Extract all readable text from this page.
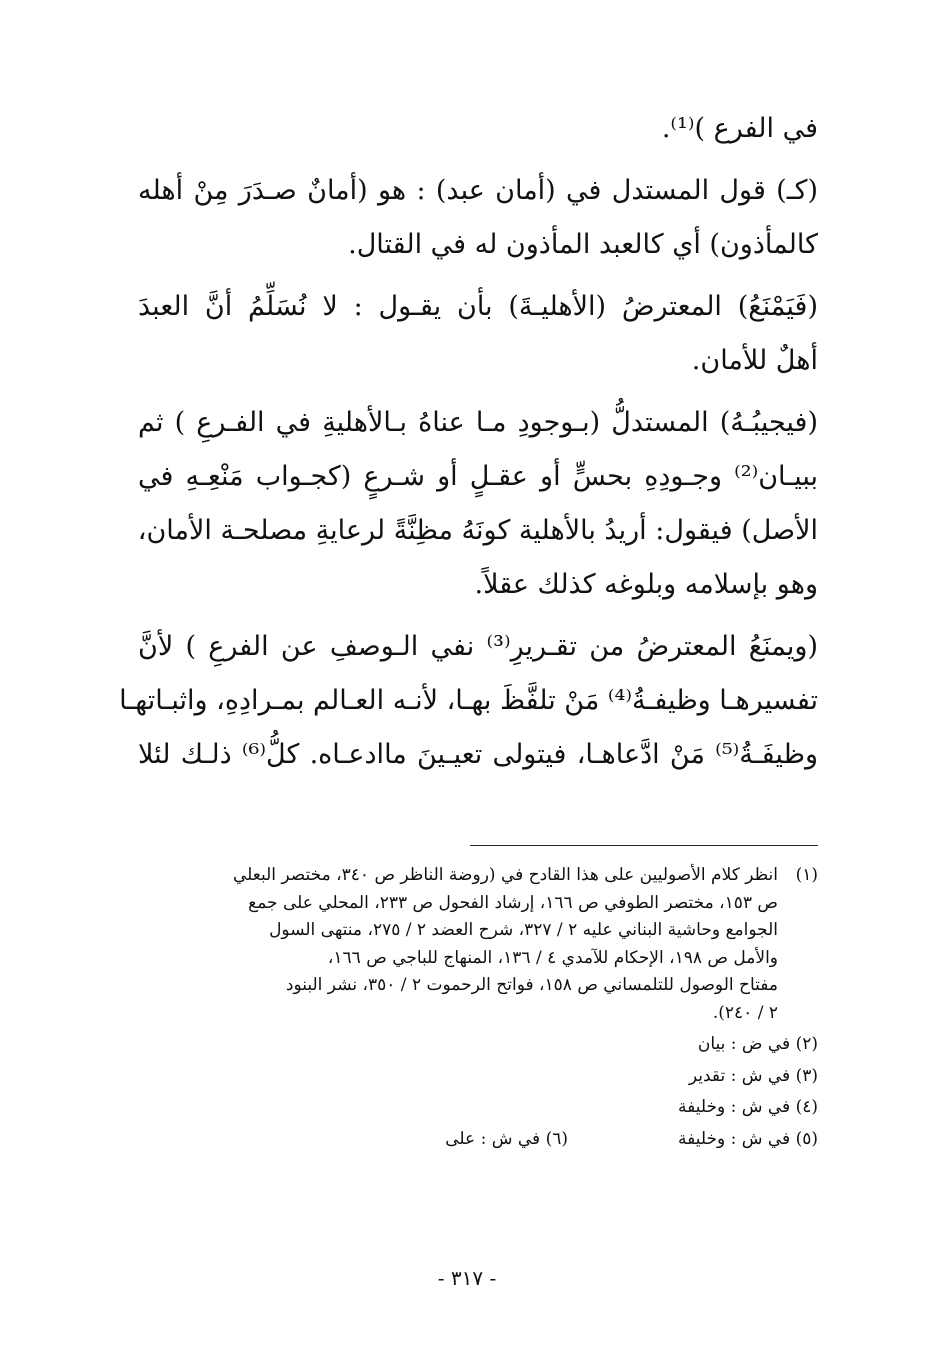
في الفرع )⁽¹⁾.
(كـ) قول المستدل في (أمان عبد) : هو (أمانٌ صـدَرَ مِنْ أهله
كالمأذون) أي كالعبد المأذون له في القتال.
(فَيَمْنَعُ) المعترضُ (الأهليـةَ) بأن يقـول : لا نُسَلِّمُ أنَّ العبدَ
أهلٌ للأمان.
(فيجيبُـهُ) المستدلُّ (بـوجودِ مـا عناهُ بـالأهليةِ في الفـرعِ ) ثم
ببيـان⁽²⁾ وجـودِهِ بحسٍّ أو عقـلٍ أو شـرعٍ (كجـواب مَنْعِـهِ في
الأصل) فيقول: أريدُ بالأهلية كونَهُ مظِنَّةً لرعايةِ مصلحـة الأمان،
وهو بإسلامه وبلوغه كذلك عقلاً.
(ويمنَعُ المعترضُ من تقـريرِ⁽³⁾ نفي الـوصفِ عن الفرعِ ) لأنَّ
تفسيرهـا وظيفـةُ⁽⁴⁾ مَنْ تلفَّظَ بهـا، لأنـه العـالم بمـرادِهِ، واثبـاتهـا
وظيفَـةُ⁽⁵⁾ مَنْ ادَّعاهـا، فيتولى تعيـينَ ماادعـاه. كلُّ⁽⁶⁾ ذلـك لئلا
(١)انظر كلام الأصوليين على هذا القادح في (روضة الناظر ص ٣٤٠، مختصر البعلي
ص ١٥٣، مختصر الطوفي ص ١٦٦، إرشاد الفحول ص ٢٣٣، المحلي على جمع
الجوامع وحاشية البناني عليه ٢ / ٣٢٧، شرح العضد ٢ / ٢٧٥، منتهى السول
والأمل ص ١٩٨، الإحكام للآمدي ٤ / ١٣٦، المنهاج للباجي ص ١٦٦،
مفتاح الوصول للتلمساني ص ١٥٨، فواتح الرحموت ٢ / ٣٥٠، نشر البنود
٢ / ٢٤٠).
(٢) في ض : بيان
(٣) في ش : تقدير
(٤) في ش : وخليفة
(٥) في ش : وخليفة
(٦) في ش : على
- ٣١٧ -
